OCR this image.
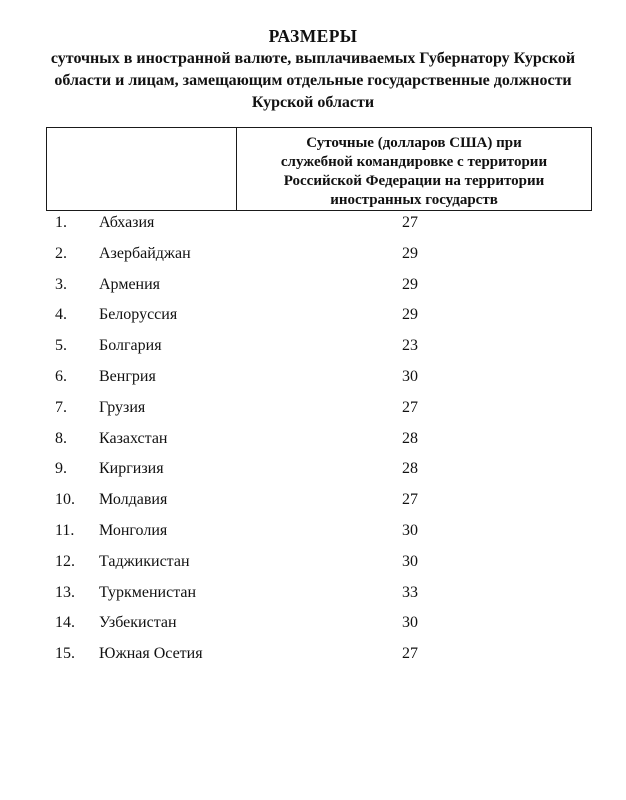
РАЗМЕРЫ
суточных в иностранной валюте, выплачиваемых Губернатору Курской
области и лицам, замещающим отдельные государственные должности
Курской области
Суточные (долларов США) при
служебной командировке с территории
Российской Федерации на территории
иностранных государств
1. Абхазия	27
2. Азербайджан	29
3. Армения	29
4. Белоруссия	29
5. Болгария	23
6. Венгрия	30
7. Грузия	27
8. Казахстан	28
9. Киргизия	28
10. Молдавия	27
11. Монголия	30
12. Таджикистан	30
13. Туркменистан	33
14. Узбекистан	30
15. Южная Осетия	27
